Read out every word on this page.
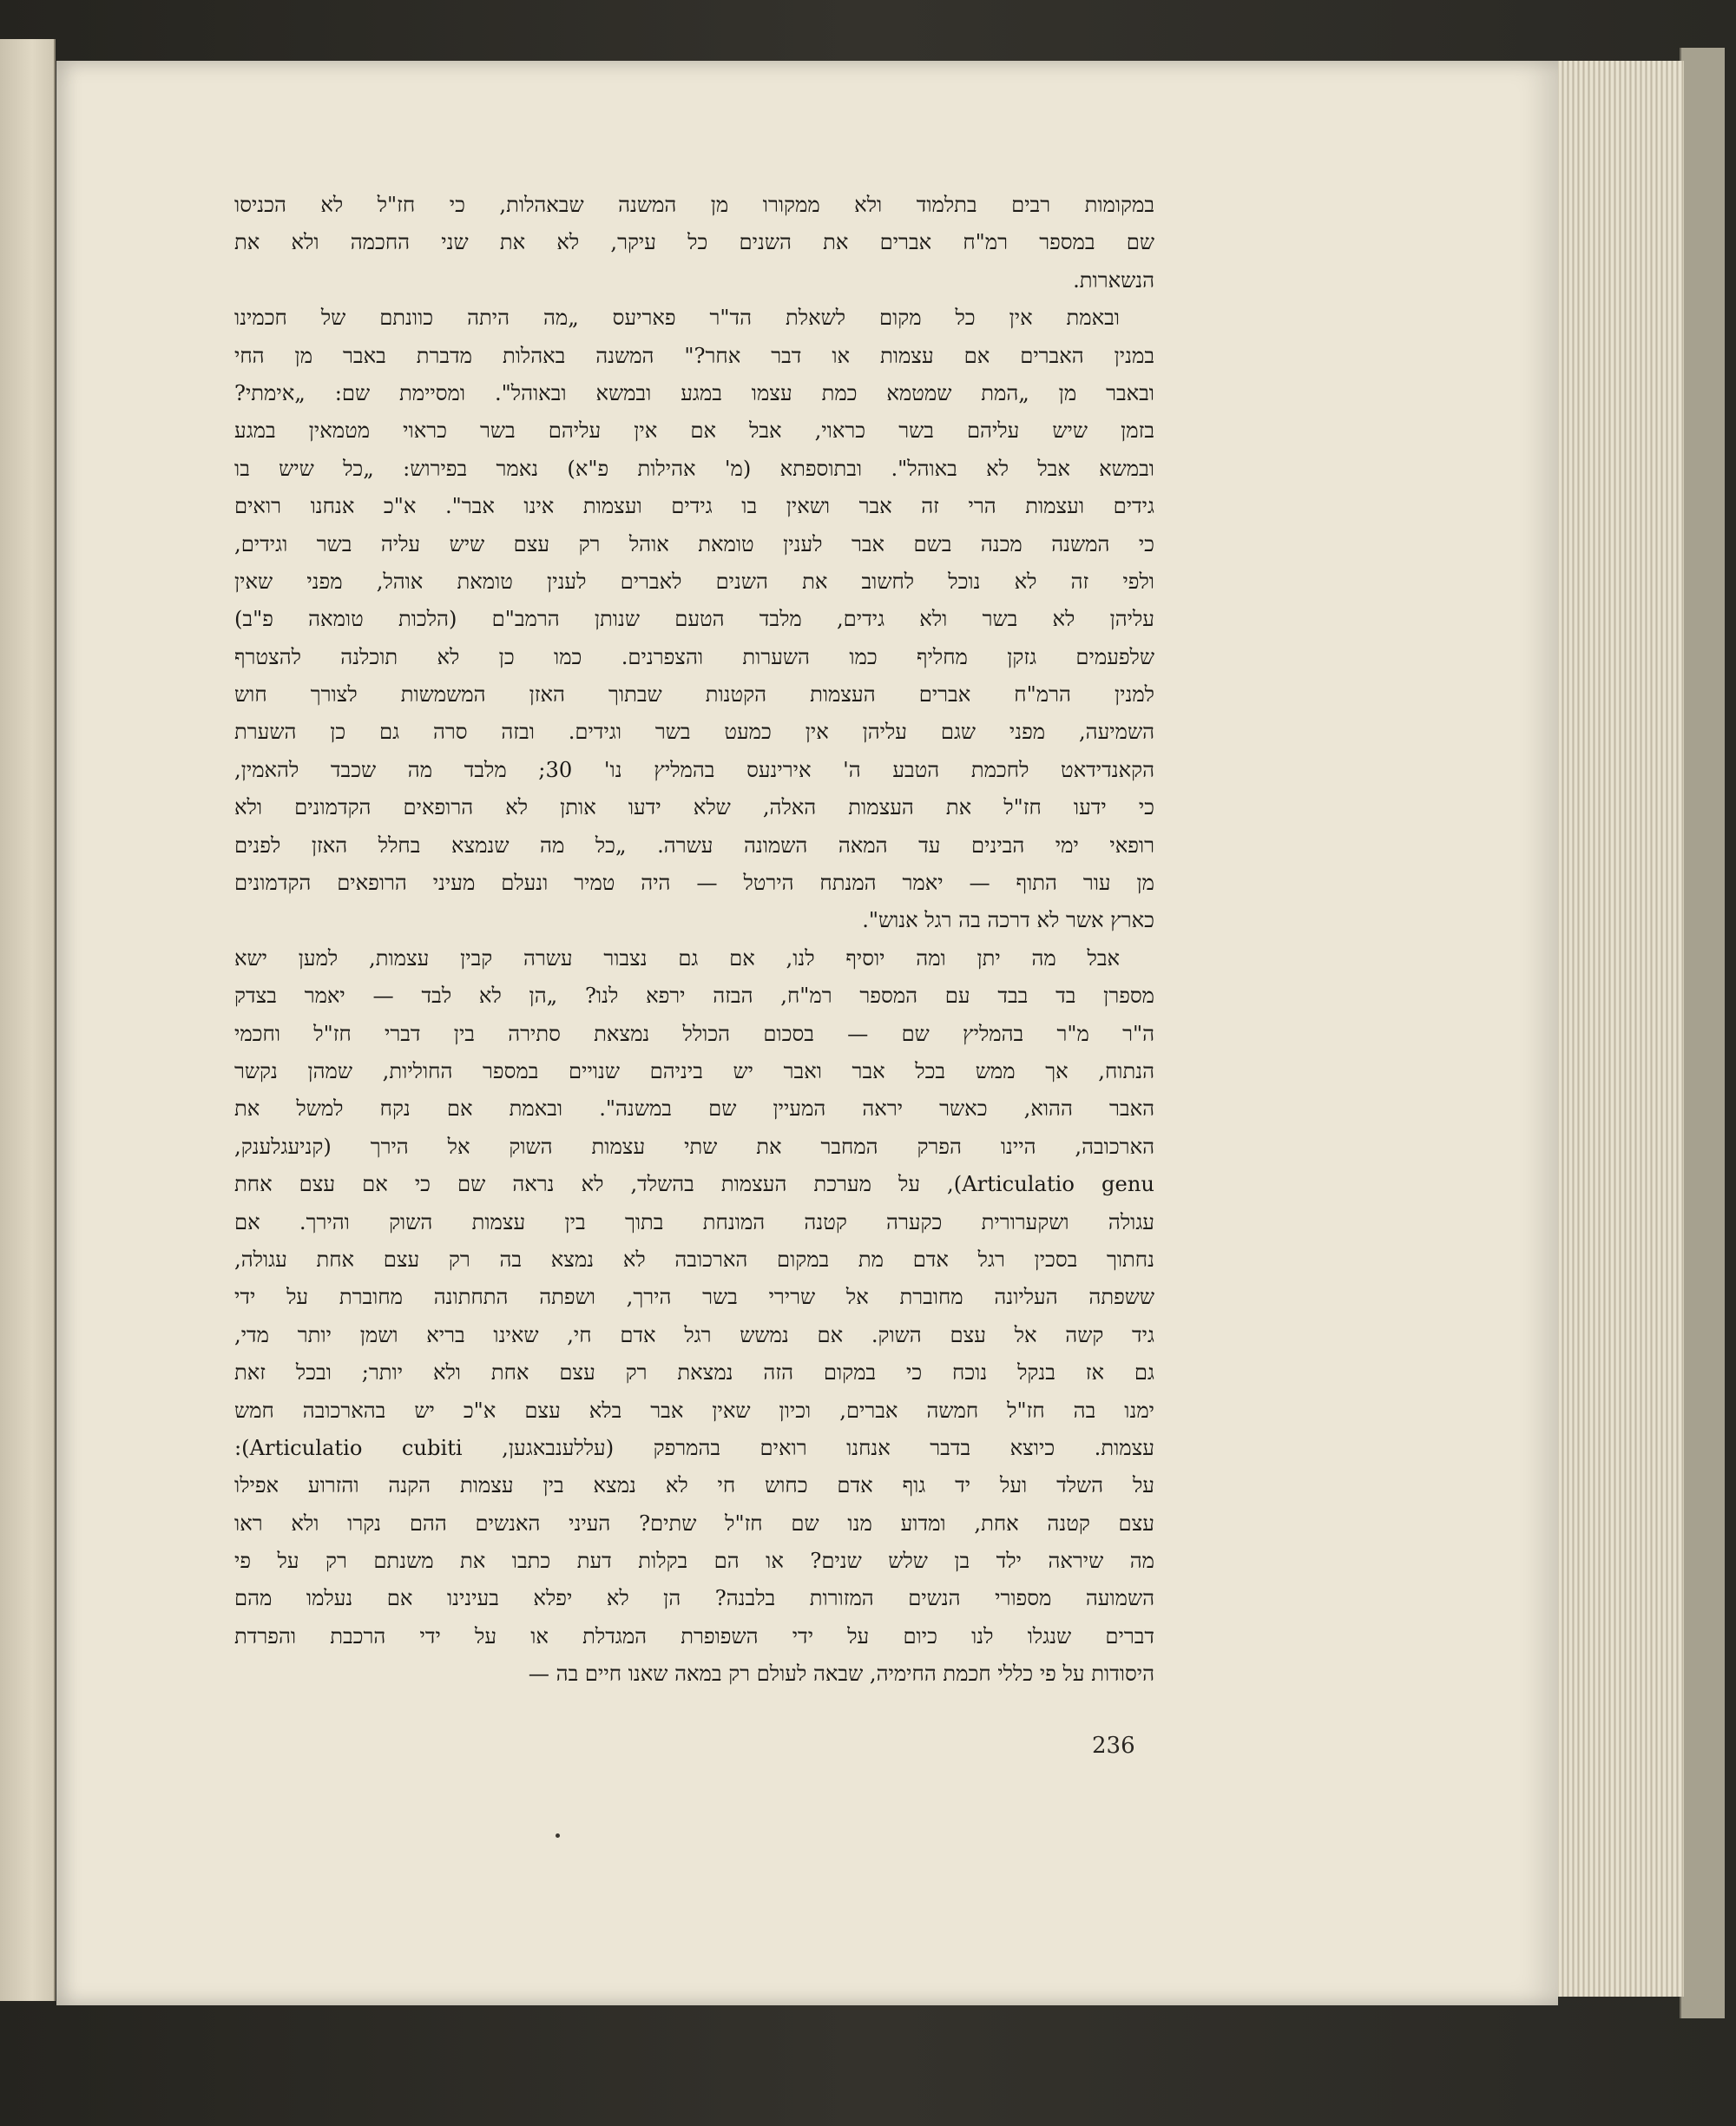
במקומות רבים בתלמוד ולא ממקורו מן המשנה שבאהלות, כי חז"ל לא הכניסו
שם במספר רמ"ח אברים את השנים כל עיקר, לא את שני החכמה ולא את
הנשארות.
ובאמת אין כל מקום לשאלת הד"ר פאריעס „מה היתה כוונתם של חכמינו
במנין האברים אם עצמות או דבר אחר?" המשנה באהלות מדברת באבר מן החי
ובאבר מן „המת שמטמא כמת עצמו במגע ובמשא ובאוהל". ומסיימת שם: „אימתי?
בזמן שיש עליהם בשר כראוי, אבל אם אין עליהם בשר כראוי מטמאין במגע
ובמשא אבל לא באוהל". ובתוספתא (מ' אהילות פ"א) נאמר בפירוש: „כל שיש בו
גידים ועצמות הרי זה אבר ושאין בו גידים ועצמות אינו אבר". א"כ אנחנו רואים
כי המשנה מכנה בשם אבר לענין טומאת אוהל רק עצם שיש עליה בשר וגידים,
ולפי זה לא נוכל לחשוב את השנים לאברים לענין טומאת אוהל, מפני שאין
עליהן לא בשר ולא גידים, מלבד הטעם שנותן הרמב"ם (הלכות טומאה פ"ב)
שלפעמים גזקן מחליף כמו השערות והצפרנים. כמו כן לא תוכלנה להצטרף
למנין הרמ"ח אברים העצמות הקטנות שבתוך האזן המשמשות לצורך חוש
השמיעה, מפני שגם עליהן אין כמעט בשר וגידים. ובזה סרה גם כן השערת
הקאנדידאט לחכמת הטבע ה' אירינעס בהמליץ נו' 30; מלבד מה שכבד להאמין,
כי ידעו חז"ל את העצמות האלה, שלא ידעו אותן לא הרופאים הקדמונים ולא
רופאי ימי הבינים עד המאה השמונה עשרה. „כל מה שנמצא בחלל האזן לפנים
מן עור התוף — יאמר המנתח הירטל — היה טמיר ונעלם מעיני הרופאים הקדמונים
כארץ אשר לא דרכה בה רגל אנוש".
אבל מה יתן ומה יוסיף לנו, אם גם נצבור עשרה קבין עצמות, למען ישא
מספרן בד בבד עם המספר רמ"ח, הבזה ירפא לנו? „הן לא לבד — יאמר בצדק
ה"ר מ"ר בהמליץ שם — בסכום הכולל נמצאת סתירה בין דברי חז"ל וחכמי
הנתוח, אך ממש בכל אבר ואבר יש ביניהם שנויים במספר החוליות, שמהן נקשר
האבר ההוא, כאשר יראה המעיין שם במשנה". ובאמת אם נקח למשל את
הארכובה, היינו הפרק המחבר את שתי עצמות השוק אל הירך (קניעגלענק,
Articulatio genu), על מערכת העצמות בהשלד, לא נראה שם כי אם עצם אחת
עגולה ושקערורית כקערה קטנה המונחת בתוך בין עצמות השוק והירך. אם
נחתוך בסכין רגל אדם מת במקום הארכובה לא נמצא בה רק עצם אחת עגולה,
ששפתה העליונה מחוברת אל שרירי בשר הירך, ושפתה התחתונה מחוברת על ידי
גיד קשה אל עצם השוק. אם נמשש רגל אדם חי, שאינו בריא ושמן יותר מדי,
גם אז בנקל נוכח כי במקום הזה נמצאת רק עצם אחת ולא יותר; ובכל זאת
ימנו בה חז"ל חמשה אברים, וכיון שאין אבר בלא עצם א"כ יש בהארכובה חמש
עצמות. כיוצא בדבר אנחנו רואים בהמרפק (עללענבאגען, Articulatio cubiti):
על השלד ועל יד גוף אדם כחוש חי לא נמצא בין עצמות הקנה והזרוע אפילו
עצם קטנה אחת, ומדוע מנו שם חז"ל שתים? העיני האנשים ההם נקרו ולא ראו
מה שיראה ילד בן שלש שנים? או הם בקלות דעת כתבו את משנתם רק על פי
השמועה מספורי הנשים המזורות בלבנה? הן לא יפלא בעינינו אם נעלמו מהם
דברים שנגלו לנו כיום על ידי השפופרת המגדלת או על ידי הרכבת והפרדת
היסודות על פי כללי חכמת החימיה, שבאה לעולם רק במאה שאנו חיים בה —
236
